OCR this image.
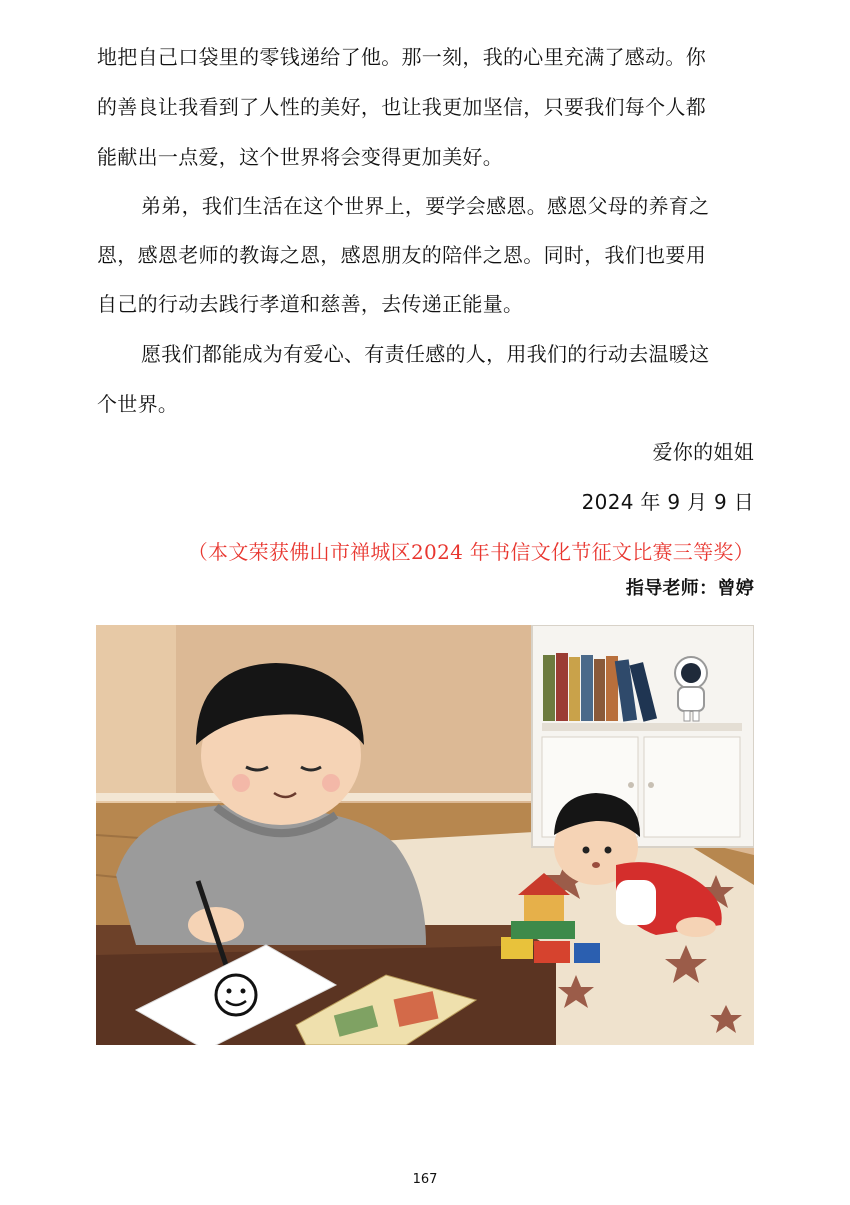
地把自己口袋里的零钱递给了他。那一刻，我的心里充满了感动。你
的善良让我看到了人性的美好，也让我更加坚信，只要我们每个人都
能献出一点爱，这个世界将会变得更加美好。
弟弟，我们生活在这个世界上，要学会感恩。感恩父母的养育之
恩，感恩老师的教诲之恩，感恩朋友的陪伴之恩。同时，我们也要用
自己的行动去践行孝道和慈善，去传递正能量。
愿我们都能成为有爱心、有责任感的人，用我们的行动去温暖这
个世界。
爱你的姐姐
2024 年 9 月 9 日
（本文荣获佛山市禅城区2024 年书信文化节征文比赛三等奖）
指导老师：曾婷
167
